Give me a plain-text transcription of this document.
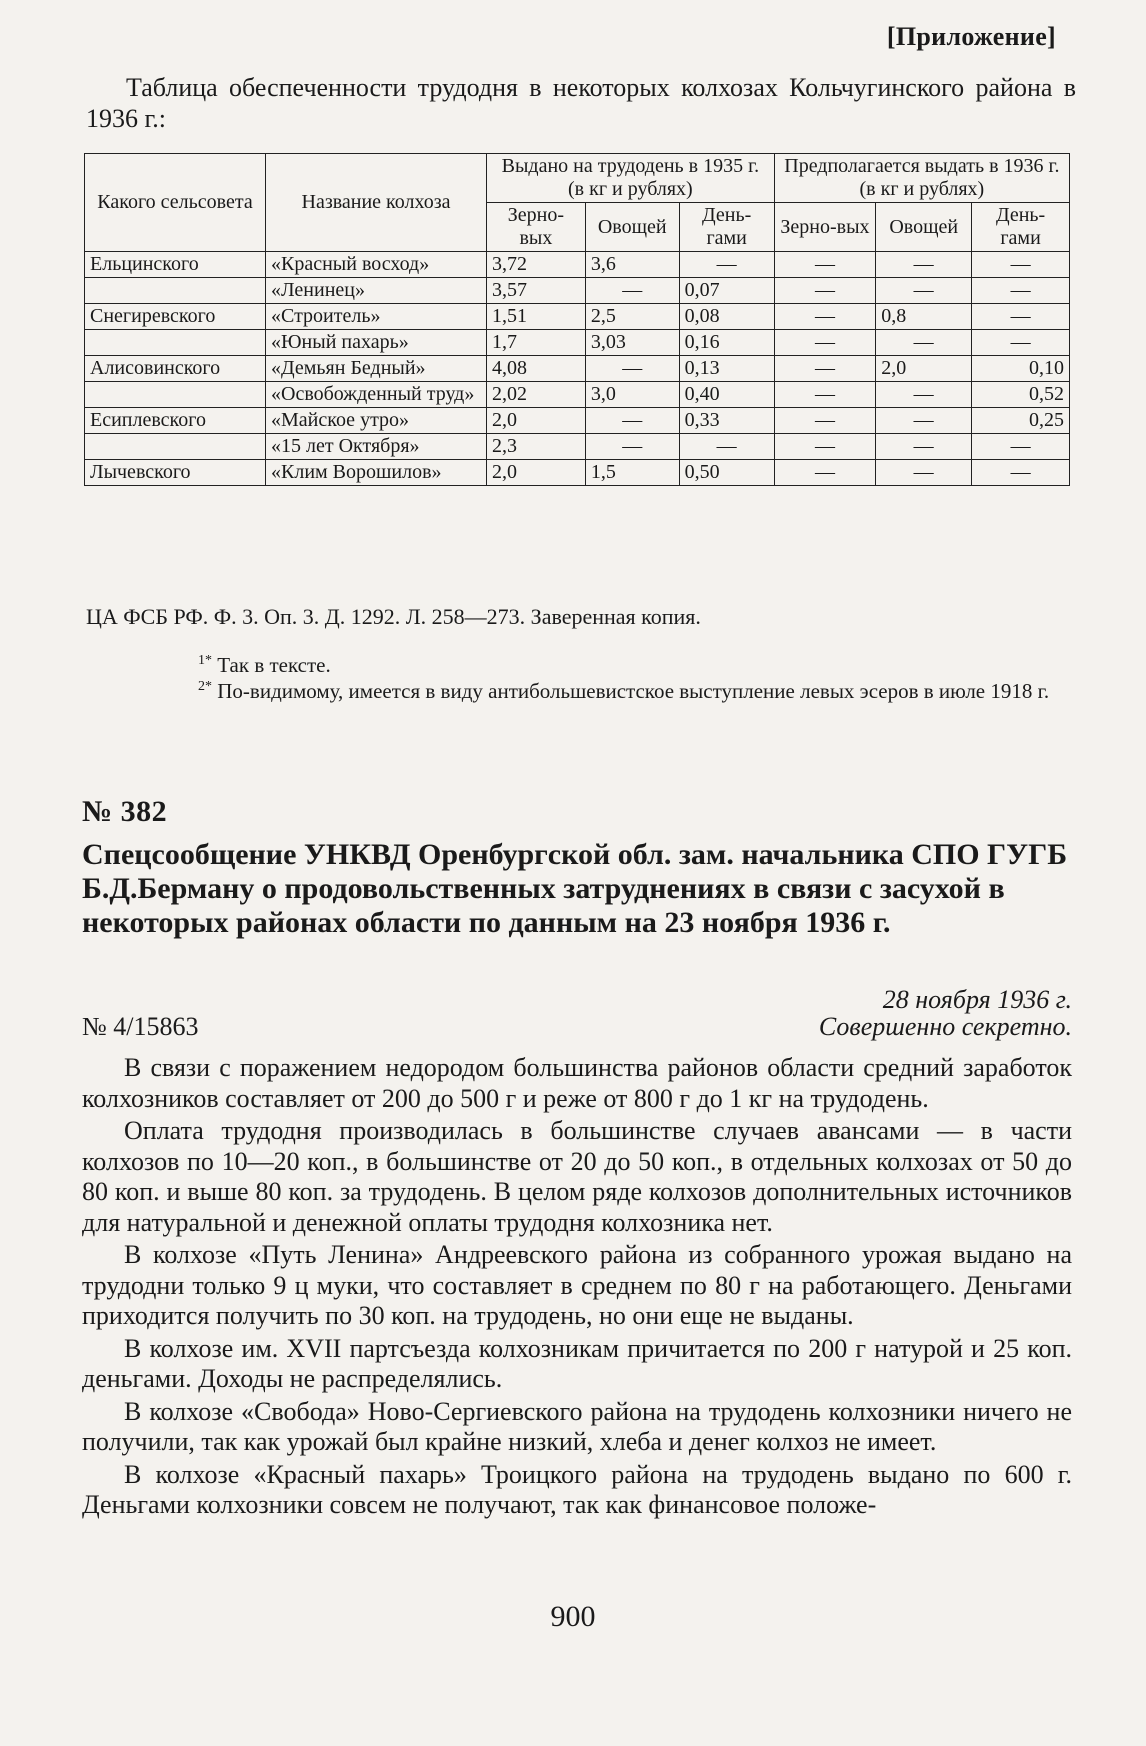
[Приложение]
Таблица обеспеченности трудодня в некоторых колхозах Кольчугинского района в 1936 г.:
Какого сельсовета	Название колхоза	Выдано на трудодень в 1935 г. (в кг и рублях)			Предполагается выдать в 1936 г. (в кг и рублях)		
		Зерно-вых	Овощей	День-гами	Зерно-вых	Овощей	День-гами
Ельцинского	«Красный восход»	3,72	3,6	—	—	—	—
	«Ленинец»	3,57	—	0,07	—	—	—
Снегиревского	«Строитель»	1,51	2,5	0,08	—	0,8	—
	«Юный пахарь»	1,7	3,03	0,16	—	—	—
Алисовинского	«Демьян Бедный»	4,08	—	0,13	—	2,0	0,10
	«Освобожденный труд»	2,02	3,0	0,40	—	—	0,52
Есиплевского	«Майское утро»	2,0	—	0,33	—	—	0,25
	«15 лет Октября»	2,3	—	—	—	—	—
Лычевского	«Клим Ворошилов»	2,0	1,5	0,50	—	—	—
ЦА ФСБ РФ. Ф. 3. Оп. 3. Д. 1292. Л. 258—273. Заверенная копия.
$^{1*}$ Так в тексте.
$^{2*}$ По-видимому, имеется в виду антибольшевистское выступление левых эсеров в июле 1918 г.
№ 382
Спецсообщение УНКВД Оренбургской обл. зам. начальника СПО ГУГБ Б.Д.Берману о продовольственных затруднениях в связи с засухой в некоторых районах области по данным на 23 ноября 1936 г.
28 ноября 1936 г.
№ 4/15863	Совершенно секретно.

В связи с поражением недородом большинства районов области средний заработок колхозников составляет от 200 до 500 г и реже от 800 г до 1 кг на трудодень.

Оплата трудодня производилась в большинстве случаев авансами — в части колхозов по 10—20 коп., в большинстве от 20 до 50 коп., в отдельных колхозах от 50 до 80 коп. и выше 80 коп. за трудодень. В целом ряде колхозов дополнительных источников для натуральной и денежной оплаты трудодня колхозника нет.

В колхозе «Путь Ленина» Андреевского района из собранного урожая выдано на трудодни только 9 ц муки, что составляет в среднем по 80 г на работающего. Деньгами приходится получить по 30 коп. на трудодень, но они еще не выданы.

В колхозе им. XVII партсъезда колхозникам причитается по 200 г натурой и 25 коп. деньгами. Доходы не распределялись.

В колхозе «Свобода» Ново-Сергиевского района на трудодень колхозники ничего не получили, так как урожай был крайне низкий, хлеба и денег колхоз не имеет.

В колхозе «Красный пахарь» Троицкого района на трудодень выдано по 600 г. Деньгами колхозники совсем не получают, так как финансовое положе-

900
